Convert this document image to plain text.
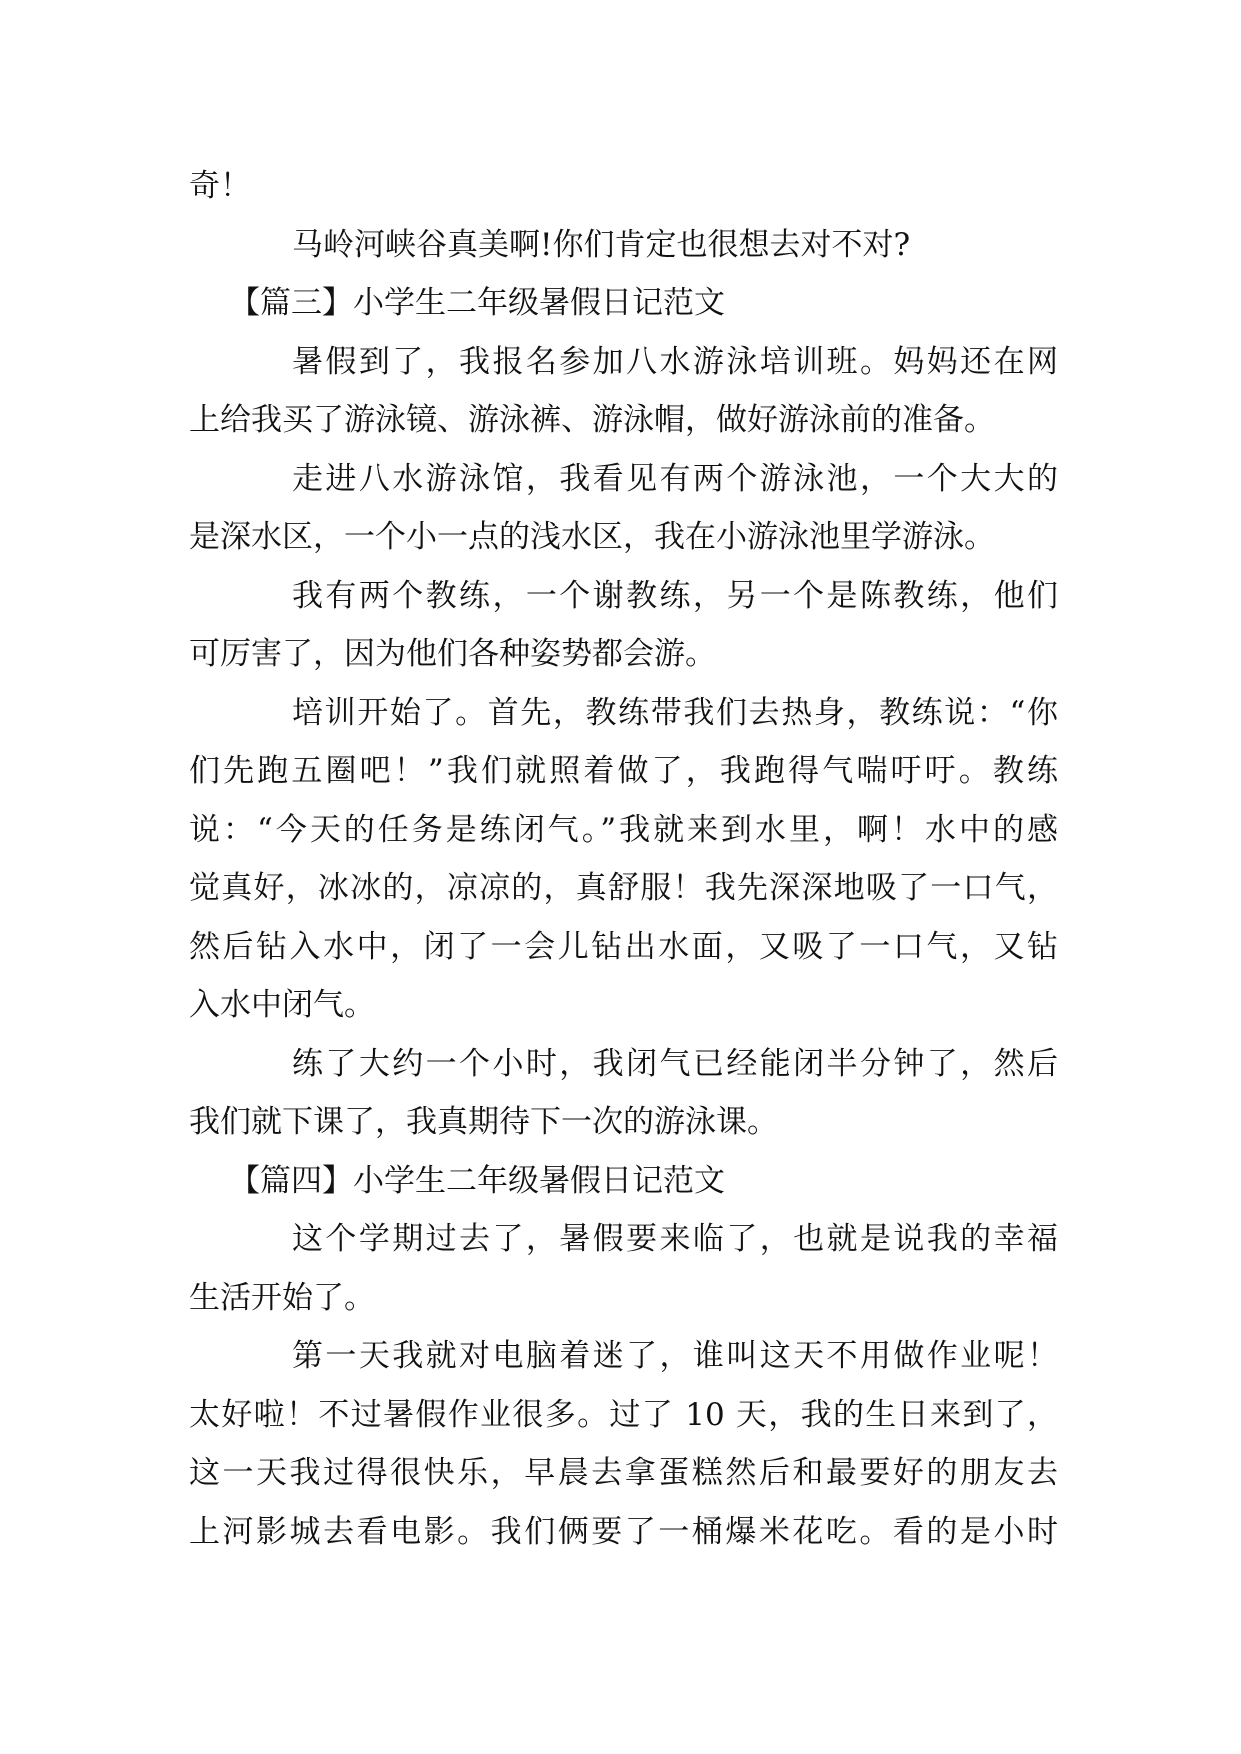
奇！
马岭河峡谷真美啊!你们肯定也很想去对不对?
【篇三】小学生二年级暑假日记范文
暑假到了，我报名参加八水游泳培训班。妈妈还在网
上给我买了游泳镜、游泳裤、游泳帽，做好游泳前的准备。
走进八水游泳馆，我看见有两个游泳池，一个大大的
是深水区，一个小一点的浅水区，我在小游泳池里学游泳。
我有两个教练，一个谢教练，另一个是陈教练，他们
可厉害了，因为他们各种姿势都会游。
培训开始了。首先，教练带我们去热身，教练说：“你
们先跑五圈吧！”我们就照着做了，我跑得气喘吁吁。教练
说：“今天的任务是练闭气。”我就来到水里，啊！水中的感
觉真好，冰冰的，凉凉的，真舒服！我先深深地吸了一口气，
然后钻入水中，闭了一会儿钻出水面，又吸了一口气，又钻
入水中闭气。
练了大约一个小时，我闭气已经能闭半分钟了，然后
我们就下课了，我真期待下一次的游泳课。
【篇四】小学生二年级暑假日记范文
这个学期过去了，暑假要来临了，也就是说我的幸福
生活开始了。
第一天我就对电脑着迷了，谁叫这天不用做作业呢！
太好啦！不过暑假作业很多。过了 10 天，我的生日来到了，
这一天我过得很快乐，早晨去拿蛋糕然后和最要好的朋友去
上河影城去看电影。我们俩要了一桶爆米花吃。看的是小时
